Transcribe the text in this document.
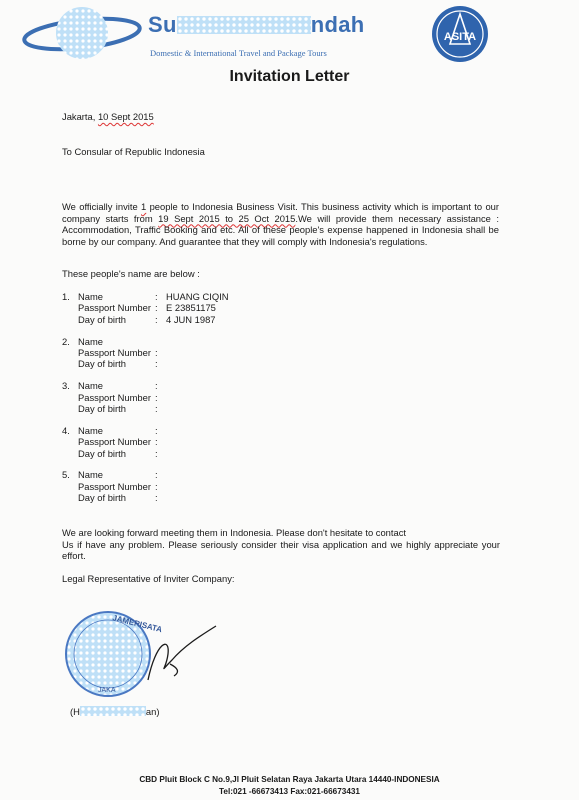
Su	ndah
Domestic & International Travel and Package Tours
ASITA
Invitation Letter
Jakarta, 10 Sept 2015
To Consular of Republic Indonesia

We officially invite 1 people to Indonesia Business Visit. This business activity which is important to our company starts from 19 Sept 2015 to 25 Oct 2015.We will provide them necessary assistance : Accommodation, Traffic Booking and etc. All of these people's expense happened in Indonesia shall be borne by our company. And guarantee that they will comply with Indonesia's regulations.

These people's name are below :
1. Name	: HUANG CIQIN
Passport Number : E 23851175
Day of birth	: 4 JUN 1987
2. Name
Passport Number :
Day of birth	:
3. Name	:
Passport Number :
Day of birth	:
4. Name	:
Passport Number :
Day of birth	:
5. Name	:
Passport Number :
Day of birth	:
We are looking forward meeting them in Indonesia. Please don't hesitate to contact
Us if have any problem. Please seriously consider their visa application and we highly appreciate your effort.
Legal Representative of Inviter Company:
JAMERISATA
JAKA
(H	an)
CBD Pluit Block C No.9,Jl Pluit Selatan Raya Jakarta Utara 14440-INDONESIA
Tel:021 -66673413 Fax:021-66673431
